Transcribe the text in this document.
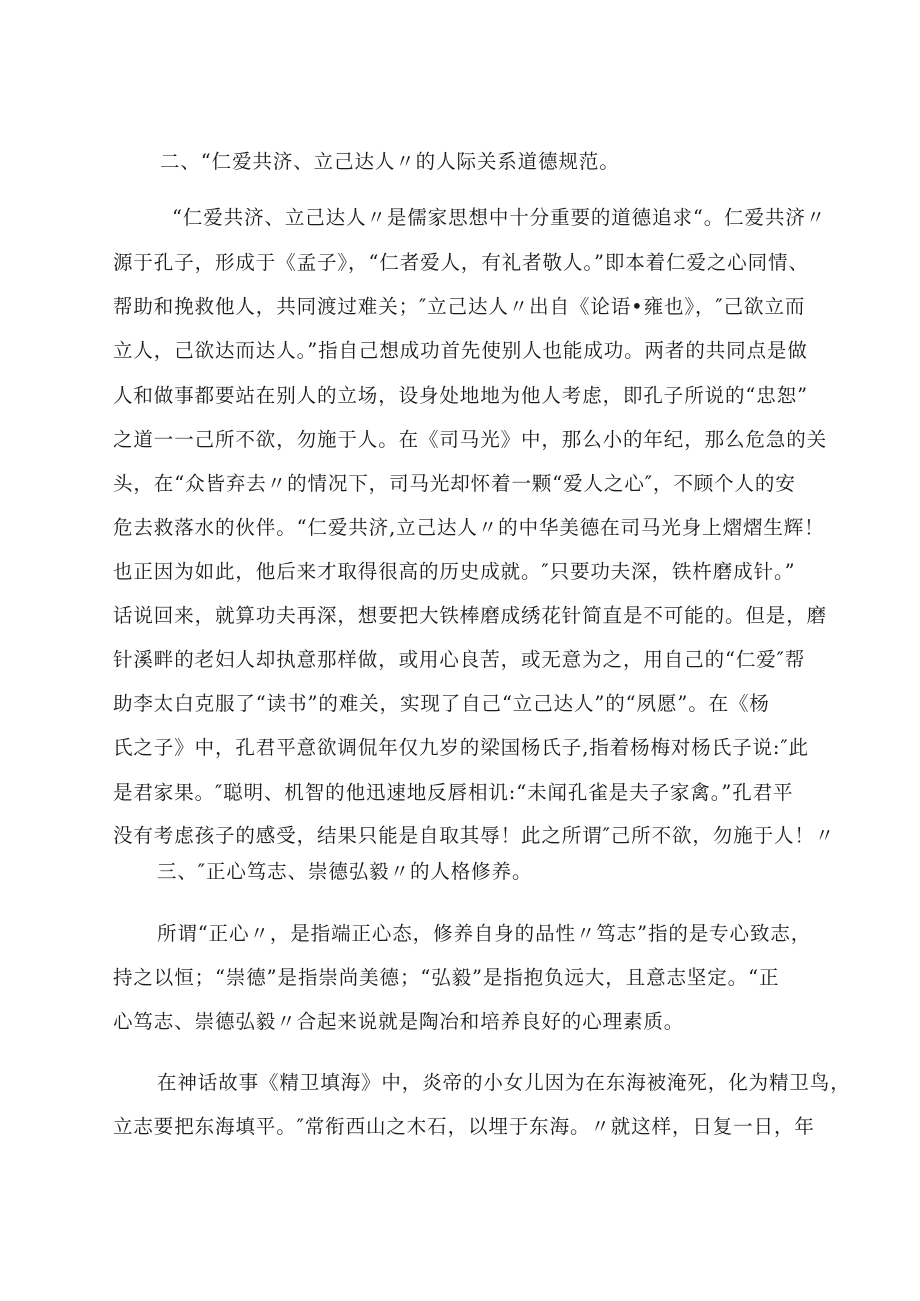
二、“仁爱共济、立己达人〃的人际关系道德规范。

“仁爱共济、立己达人〃是儒家思想中十分重要的道德追求“。仁爱共济〃

源于孔子，形成于《孟子》，“仁者爱人，有礼者敬人。”即本着仁爱之心同情、

帮助和挽救他人，共同渡过难关；″立己达人〃出自《论语•雍也》，″己欲立而

立人，己欲达而达人。”指自己想成功首先使别人也能成功。两者的共同点是做

人和做事都要站在别人的立场，设身处地地为他人考虑，即孔子所说的“忠恕”

之道一一己所不欲，勿施于人。在《司马光》中，那么小的年纪，那么危急的关

头，在“众皆弃去〃的情况下，司马光却怀着一颗“爱人之心″，不顾个人的安

危去救落水的伙伴。“仁爱共济,立己达人〃的中华美德在司马光身上熠熠生辉！

也正因为如此，他后来才取得很高的历史成就。″只要功夫深，铁杵磨成针。”

话说回来，就算功夫再深，想要把大铁棒磨成绣花针简直是不可能的。但是，磨

针溪畔的老妇人却执意那样做，或用心良苦，或无意为之，用自己的“仁爱″帮

助李太白克服了“读书”的难关，实现了自己“立己达人”的“夙愿”。在《杨

氏之子》中，孔君平意欲调侃年仅九岁的梁国杨氏子,指着杨梅对杨氏子说:″此

是君家果。″聪明、机智的他迅速地反唇相讥:“未闻孔雀是夫子家禽。”孔君平

没有考虑孩子的感受，结果只能是自取其辱！此之所谓″己所不欲，勿施于人！〃

三、″正心笃志、崇德弘毅〃的人格修养。

所谓“正心〃，是指端正心态，修养自身的品性〃笃志”指的是专心致志，

持之以恒；“崇德”是指崇尚美德；“弘毅”是指抱负远大，且意志坚定。“正

心笃志、崇德弘毅〃合起来说就是陶冶和培养良好的心理素质。

在神话故事《精卫填海》中，炎帝的小女儿因为在东海被淹死，化为精卫鸟，

立志要把东海填平。″常衔西山之木石，以埋于东海。〃就这样，日复一日，年
